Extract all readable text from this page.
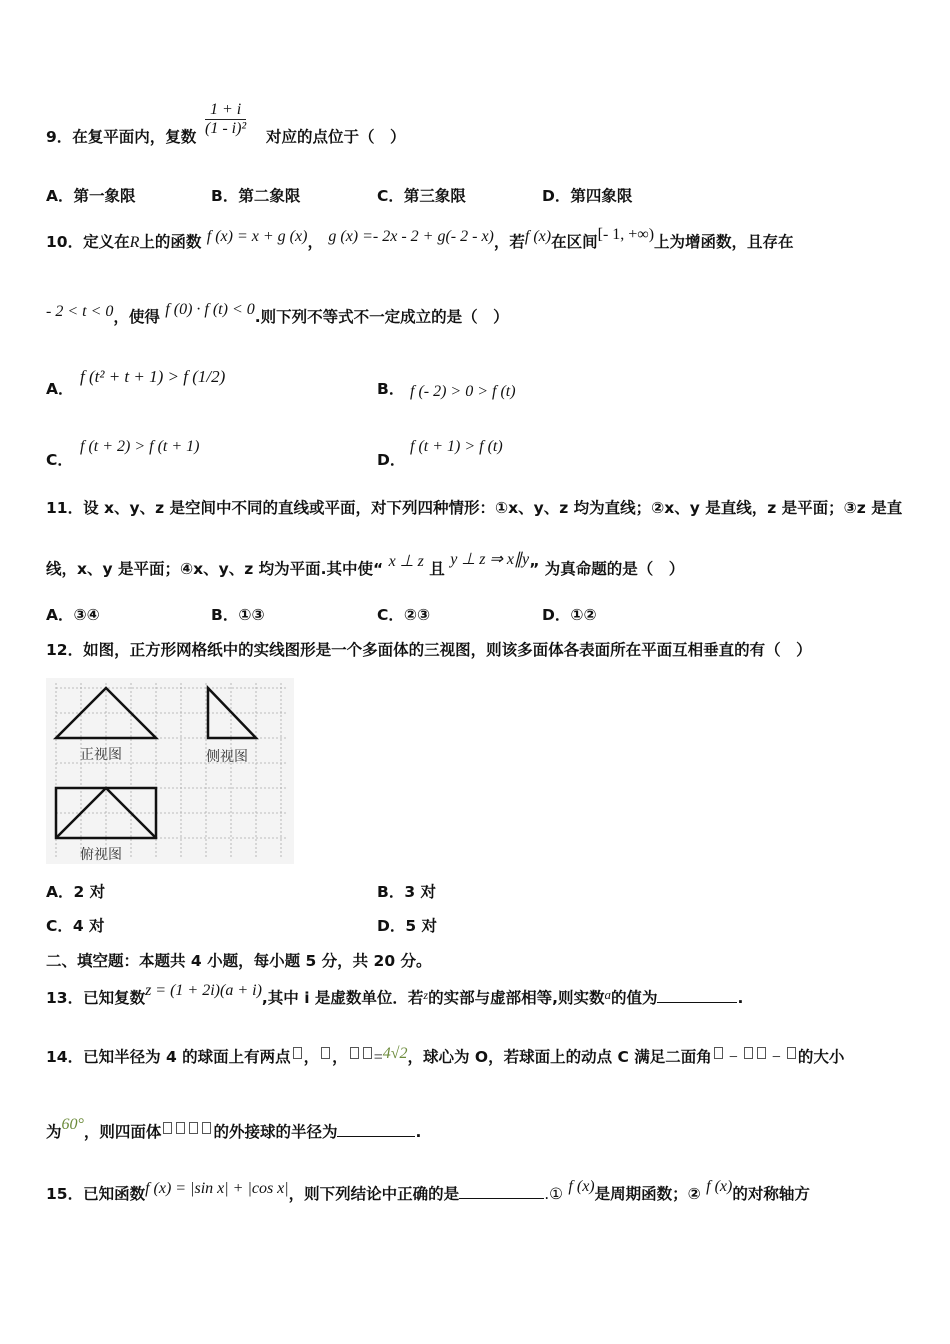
9．在复平面内，复数 $\frac{1 + i}{\text{(1 - i)²}}$ 对应的点位于（　）
A．第一象限	B．第二象限	C．第三象限	D．第四象限
10．定义在R上的函数 f (x) = x + g (x)， g (x) =- 2x - 2 + g(- 2 - x)，若f (x)在区间[- 1, +∞)上为增函数，且存在
- 2 < t < 0，使得 f (0) · f (t) < 0.则下列不等式不一定成立的是（　）
A．
f (t² + t + 1) > f (1/2)
B． f (- 2) > 0 > f (t)
C．
f (t + 2) > f (t + 1)
D．
f (t + 1) > f (t)
11．设 x、y、z 是空间中不同的直线或平面，对下列四种情形：①x、y、z 均为直线；②x、y 是直线，z 是平面；③z 是直
线，x、y 是平面；④x、y、z 均为平面.其中使“ x ⊥ z 且 y ⊥ z ⇒ x∥y” 为真命题的是（　）
A．③④	B．①③	C．②③	D．①②
12．如图，正方形网格纸中的实线图形是一个多面体的三视图，则该多面体各表面所在平面互相垂直的有（　）
正视图	侧视图
俯视图
A．2 对	B．3 对
C．4 对	D．5 对
二、填空题：本题共 4 小题，每小题 5 分，共 20 分。
13．已知复数z = (1 + 2i)(a + i),其中 i 是虚数单位．若$^z$的实部与虚部相等,则实数$^a$的值为	.
14．已知半径为 4 的球面上有两点 ， ， =4√2，球心为 O，若球面上的动点 C 满足二面角 −  − 的大小
为60°，则四面体	的外接球的半径为	.
15．已知函数f (x) = |sin x| + |cos x|，则下列结论中正确的是	.① f (x)是周期函数；② f (x)的对称轴方
